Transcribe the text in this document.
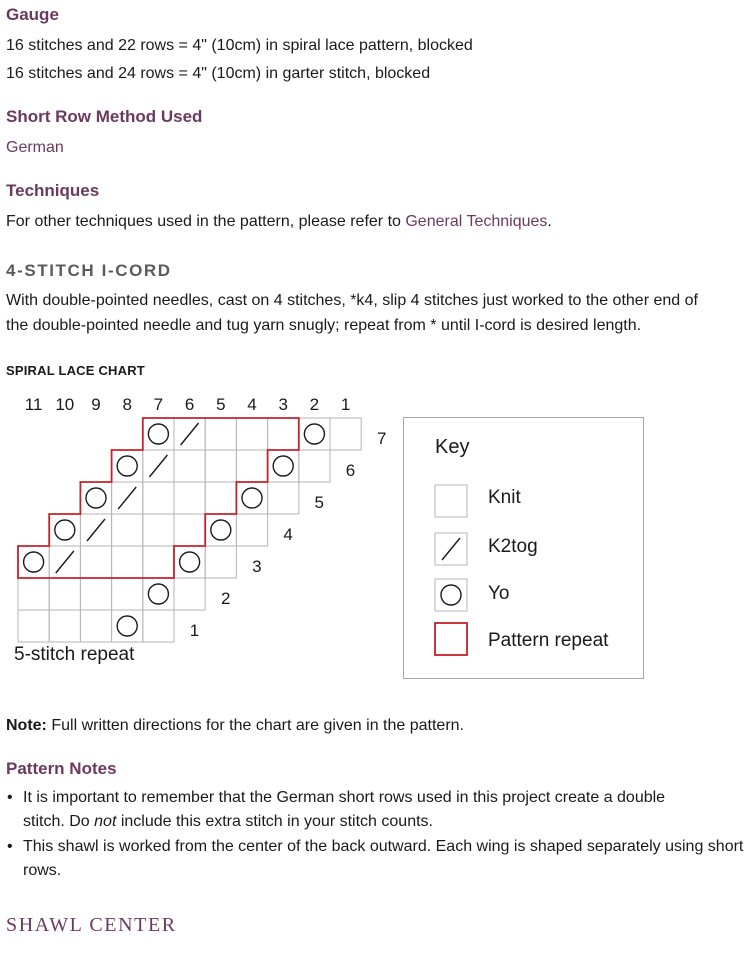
Gauge
16 stitches and 22 rows = 4" (10cm) in spiral lace pattern, blocked
16 stitches and 24 rows = 4" (10cm) in garter stitch, blocked
Short Row Method Used
German
Techniques
For other techniques used in the pattern, please refer to General Techniques.
4-STITCH I-CORD
With double-pointed needles, cast on 4 stitches, *k4, slip 4 stitches just worked to the other end of
the double-pointed needle and tug yarn snugly; repeat from * until I-cord is desired length.
SPIRAL LACE CHART
11 10 9 8 7 6 5 4 3 2 1
7
6
5
4
3
2
1
5-stitch repeat
Key
Knit
K2tog
Yo
Pattern repeat
Note: Full written directions for the chart are given in the pattern.
Pattern Notes
• It is important to remember that the German short rows used in this project create a double
stitch. Do not include this extra stitch in your stitch counts.
• This shawl is worked from the center of the back outward. Each wing is shaped separately using short rows.
SHAWL CENTER
